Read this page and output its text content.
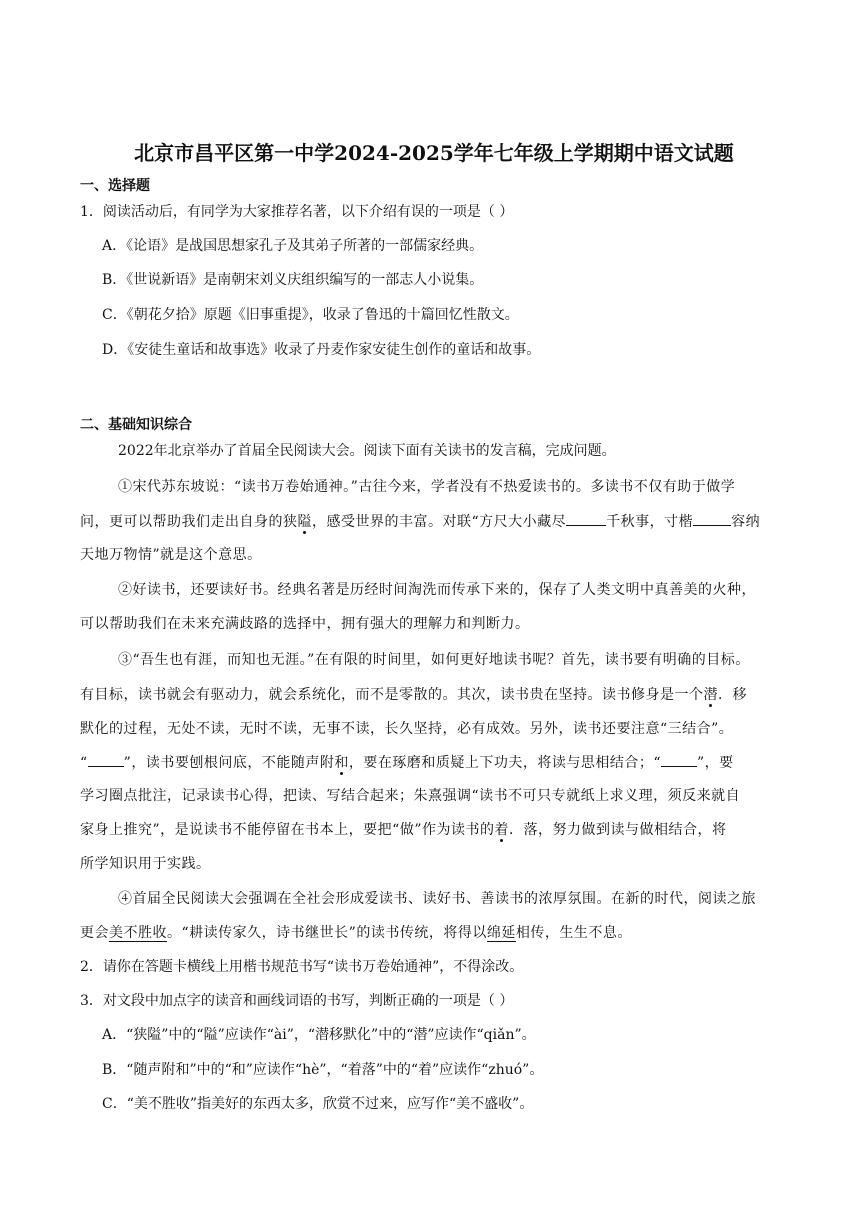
北京市昌平区第一中学2024-2025学年七年级上学期期中语文试题
一、选择题
1．阅读活动后，有同学为大家推荐名著，以下介绍有误的一项是（ ）
A．《论语》是战国思想家孔子及其弟子所著的一部儒家经典。
B．《世说新语》是南朝宋刘义庆组织编写的一部志人小说集。
C．《朝花夕拾》原题《旧事重提》，收录了鲁迅的十篇回忆性散文。
D．《安徒生童话和故事选》收录了丹麦作家安徒生创作的童话和故事。
二、基础知识综合
2022年北京举办了首届全民阅读大会。阅读下面有关读书的发言稿，完成问题。
①宋代苏东坡说：“读书万卷始通神。”古往今来，学者没有不热爱读书的。多读书不仅有助于做学
问，更可以帮助我们走出自身的狭隘，感受世界的丰富。对联“方尺大小藏尽	千秋事，寸楷	容纳
天地万物情”就是这个意思。
②好读书，还要读好书。经典名著是历经时间淘洗而传承下来的，保存了人类文明中真善美的火种，
可以帮助我们在未来充满歧路的选择中，拥有强大的理解力和判断力。
③“吾生也有涯，而知也无涯。”在有限的时间里，如何更好地读书呢？首先，读书要有明确的目标。
有目标，读书就会有驱动力，就会系统化，而不是零散的。其次，读书贵在坚持。读书修身是一个潜．移
默化的过程，无处不读，无时不读，无事不读，长久坚持，必有成效。另外，读书还要注意“三结合”。
“	”，读书要刨根问底，不能随声附和，要在琢磨和质疑上下功夫，将读与思相结合；“	”，要
学习圈点批注，记录读书心得，把读、写结合起来；朱熹强调“读书不可只专就纸上求义理，须反来就自
家身上推究”，是说读书不能停留在书本上，要把“做”作为读书的着．落，努力做到读与做相结合，将
所学知识用于实践。
④首届全民阅读大会强调在全社会形成爱读书、读好书、善读书的浓厚氛围。在新的时代，阅读之旅
更会美不胜收。“耕读传家久，诗书继世长”的读书传统，将得以绵延相传，生生不息。
2．请你在答题卡横线上用楷书规范书写“读书万卷始通神”，不得涂改。
3．对文段中加点字的读音和画线词语的书写，判断正确的一项是（ ）
A．“狭隘”中的“隘”应读作“ài”，“潜移默化”中的“潜”应读作“qiǎn”。
B．“随声附和”中的“和”应读作“hè”，“着落”中的“着”应读作“zhuó”。
C．“美不胜收”指美好的东西太多，欣赏不过来，应写作“美不盛收”。
